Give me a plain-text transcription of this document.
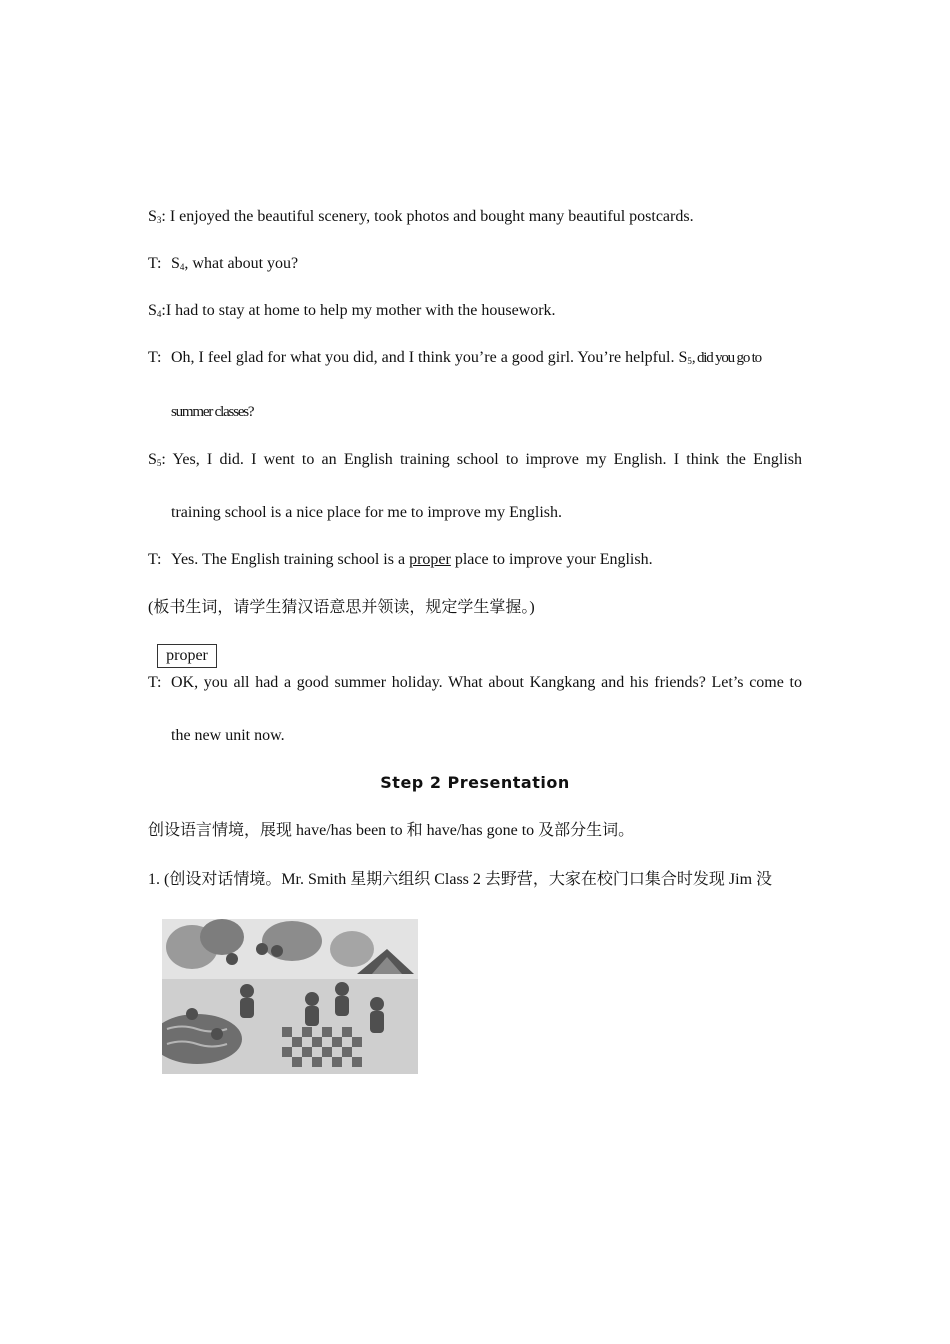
$S_3$: I enjoyed the beautiful scenery, took photos and bought many beautiful postcards.
T: $S_4$, what about you?
$S_4:I$ had to stay at home to help my mother with the housework.
T: Oh, I feel glad for what you did, and I think you’re a good girl. You’re helpful. $S_5$, did you go to
summer classes?
$S_5$: Yes, I did. I went to an English training school to improve my English. I think the English
training school is a nice place for me to improve my English.
T: Yes. The English training school is a proper place to improve your English.
(板书生词，请学生猜汉语意思并领读，规定学生掌握。)
proper
T: OK, you all had a good summer holiday. What about Kangkang and his friends? Let’s come to
the new unit now.
Step 2 Presentation
创设语言情境，展现 have/has been to 和 have/has gone to 及部分生词。
1. (创设对话情境。Mr. Smith 星期六组织 Class 2 去野营，大家在校门口集合时发现 Jim 没
